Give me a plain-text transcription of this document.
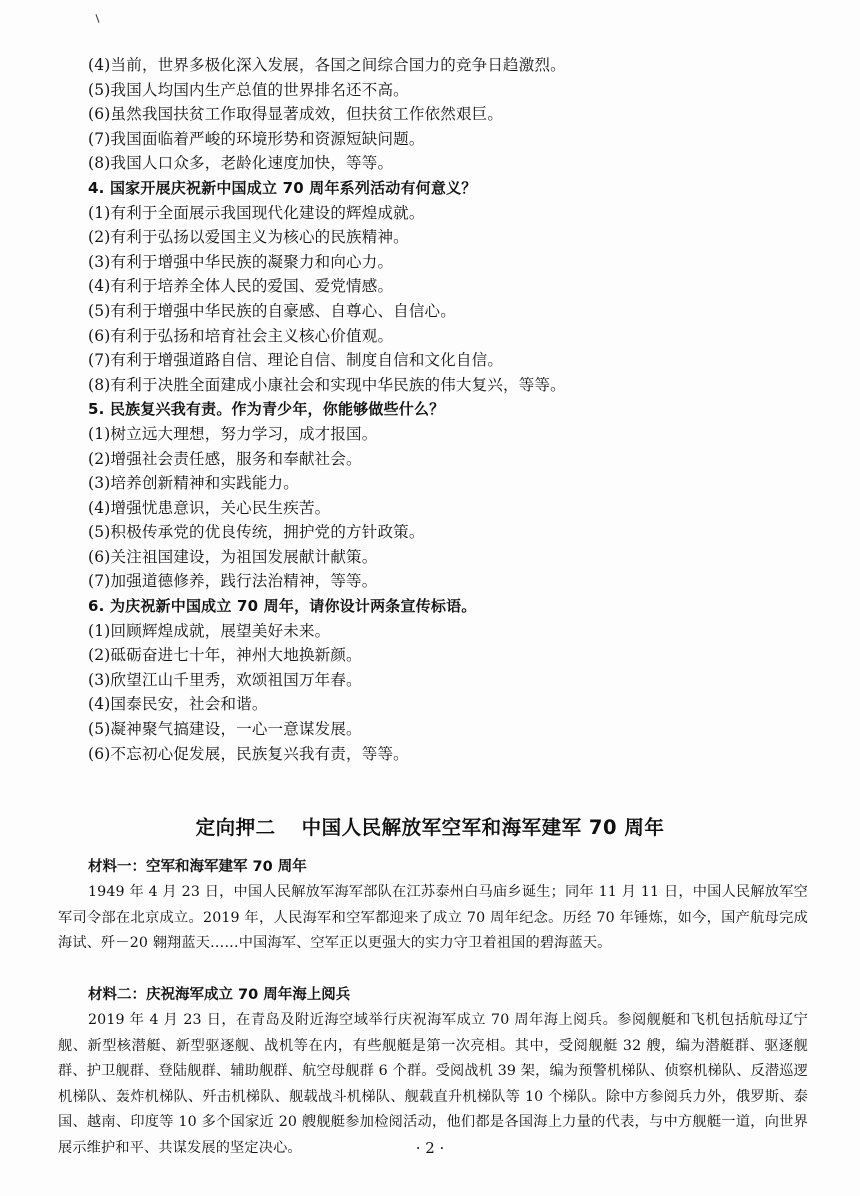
(4)当前，世界多极化深入发展，各国之间综合国力的竞争日趋激烈。
(5)我国人均国内生产总值的世界排名还不高。
(6)虽然我国扶贫工作取得显著成效，但扶贫工作依然艰巨。
(7)我国面临着严峻的环境形势和资源短缺问题。
(8)我国人口众多，老龄化速度加快，等等。
4. 国家开展庆祝新中国成立 70 周年系列活动有何意义？
(1)有利于全面展示我国现代化建设的辉煌成就。
(2)有利于弘扬以爱国主义为核心的民族精神。
(3)有利于增强中华民族的凝聚力和向心力。
(4)有利于培养全体人民的爱国、爱党情感。
(5)有利于增强中华民族的自豪感、自尊心、自信心。
(6)有利于弘扬和培育社会主义核心价值观。
(7)有利于增强道路自信、理论自信、制度自信和文化自信。
(8)有利于决胜全面建成小康社会和实现中华民族的伟大复兴，等等。
5. 民族复兴我有责。作为青少年，你能够做些什么？
(1)树立远大理想，努力学习，成才报国。
(2)增强社会责任感，服务和奉献社会。
(3)培养创新精神和实践能力。
(4)增强忧患意识，关心民生疾苦。
(5)积极传承党的优良传统，拥护党的方针政策。
(6)关注祖国建设，为祖国发展献计献策。
(7)加强道德修养，践行法治精神，等等。
6. 为庆祝新中国成立 70 周年，请你设计两条宣传标语。
(1)回顾辉煌成就，展望美好未来。
(2)砥砺奋进七十年，神州大地换新颜。
(3)欣望江山千里秀，欢颂祖国万年春。
(4)国泰民安，社会和谐。
(5)凝神聚气搞建设，一心一意谋发展。
(6)不忘初心促发展，民族复兴我有责，等等。
定向押二 中国人民解放军空军和海军建军 70 周年
材料一：空军和海军建军 70 周年

1949 年 4 月 23 日，中国人民解放军海军部队在江苏泰州白马庙乡诞生；同年 11 月 11 日，中国人民解放军空军司令部在北京成立。2019 年，人民海军和空军都迎来了成立 70 周年纪念。历经 70 年锤炼，如今，国产航母完成海试、歼－20 翱翔蓝天……中国海军、空军正以更强大的实力守卫着祖国的碧海蓝天。

材料二：庆祝海军成立 70 周年海上阅兵

2019 年 4 月 23 日，在青岛及附近海空域举行庆祝海军成立 70 周年海上阅兵。参阅舰艇和飞机包括航母辽宁舰、新型核潜艇、新型驱逐舰、战机等在内，有些舰艇是第一次亮相。其中，受阅舰艇 32 艘，编为潜艇群、驱逐舰群、护卫舰群、登陆舰群、辅助舰群、航空母舰群 6 个群。受阅战机 39 架，编为预警机梯队、侦察机梯队、反潜巡逻机梯队、轰炸机梯队、歼击机梯队、舰载战斗机梯队、舰载直升机梯队等 10 个梯队。除中方参阅兵力外，俄罗斯、泰国、越南、印度等 10 多个国家近 20 艘舰艇参加检阅活动，他们都是各国海上力量的代表，与中方舰艇一道，向世界展示维护和平、共谋发展的坚定决心。	· 2 ·
